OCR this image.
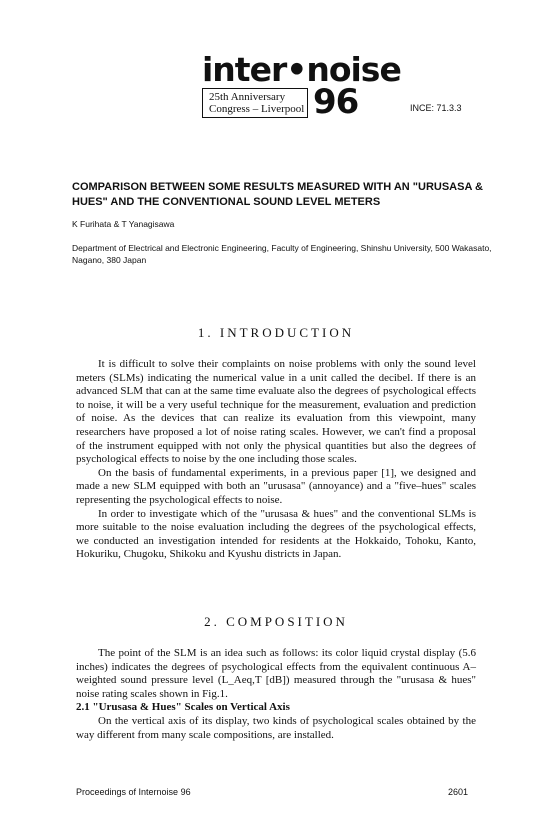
inter•noise
25th Anniversary
Congress – Liverpool 96	INCE: 71.3.3
COMPARISON BETWEEN SOME RESULTS MEASURED WITH AN "URUSASA & HUES" AND THE CONVENTIONAL SOUND LEVEL METERS
K Furihata & T Yanagisawa
Department of Electrical and Electronic Engineering, Faculty of Engineering, Shinshu University, 500 Wakasato, Nagano, 380 Japan
1. INTRODUCTION

It is difficult to solve their complaints on noise problems with only the sound level meters (SLMs) indicating the numerical value in a unit called the decibel. If there is an advanced SLM that can at the same time evaluate also the degrees of psychological effects to noise, it will be a very useful technique for the measurement, evaluation and prediction of noise. As the devices that can realize its evaluation from this viewpoint, many researchers have proposed a lot of noise rating scales. However, we can't find a proposal of the instrument equipped with not only the physical quantities but also the degrees of psychological effects to noise by the one including those scales.

On the basis of fundamental experiments, in a previous paper [1], we designed and made a new SLM equipped with both an "urusasa" (annoyance) and a "five–hues" scales representing the psychological effects to noise.

In order to investigate which of the "urusasa & hues" and the conventional SLMs is more suitable to the noise evaluation including the degrees of the psychological effects, we conducted an investigation intended for residents at the Hokkaido, Tohoku, Kanto, Hokuriku, Chugoku, Shikoku and Kyushu districts in Japan.

2. COMPOSITION

The point of the SLM is an idea such as follows: its color liquid crystal display (5.6 inches) indicates the degrees of psychological effects from the equivalent continuous A–weighted sound pressure level (L_Aeq,T [dB]) measured through the "urusasa & hues" noise rating scales shown in Fig.1.

2.1 "Urusasa & Hues" Scales on Vertical Axis

On the vertical axis of its display, two kinds of psychological scales obtained by the way different from many scale compositions, are installed.

Proceedings of Internoise 96	2601
